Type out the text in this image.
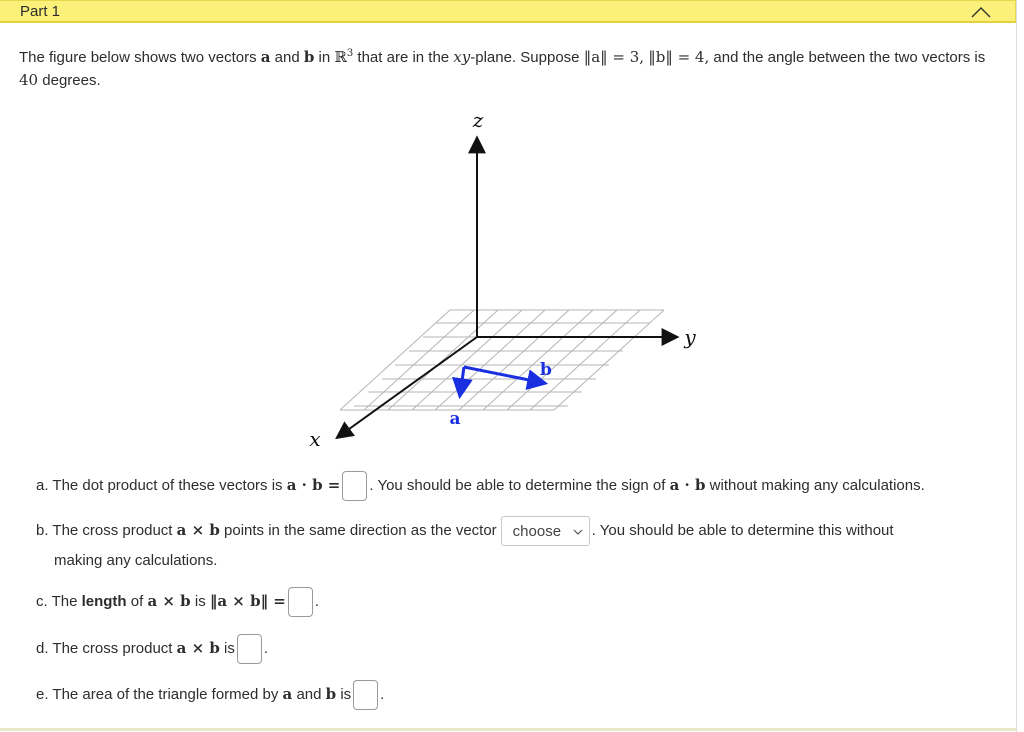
Part 1
The figure below shows two vectors a and b in ℝ$^3$ that are in the xy-plane. Suppose ‖a‖ = 3, ‖b‖ = 4, and the angle between the two vectors is 40 degrees.
z
y
x
a
b
a. The dot product of these vectors is a · b = . You should be able to determine the sign of a · b without making any calculations.
b. The cross product a × b points in the same direction as the vector choose . You should be able to determine this without
making any calculations.
c. The length of a × b is ‖a × b‖ = .
d. The cross product a × b is .
e. The area of the triangle formed by a and b is .
